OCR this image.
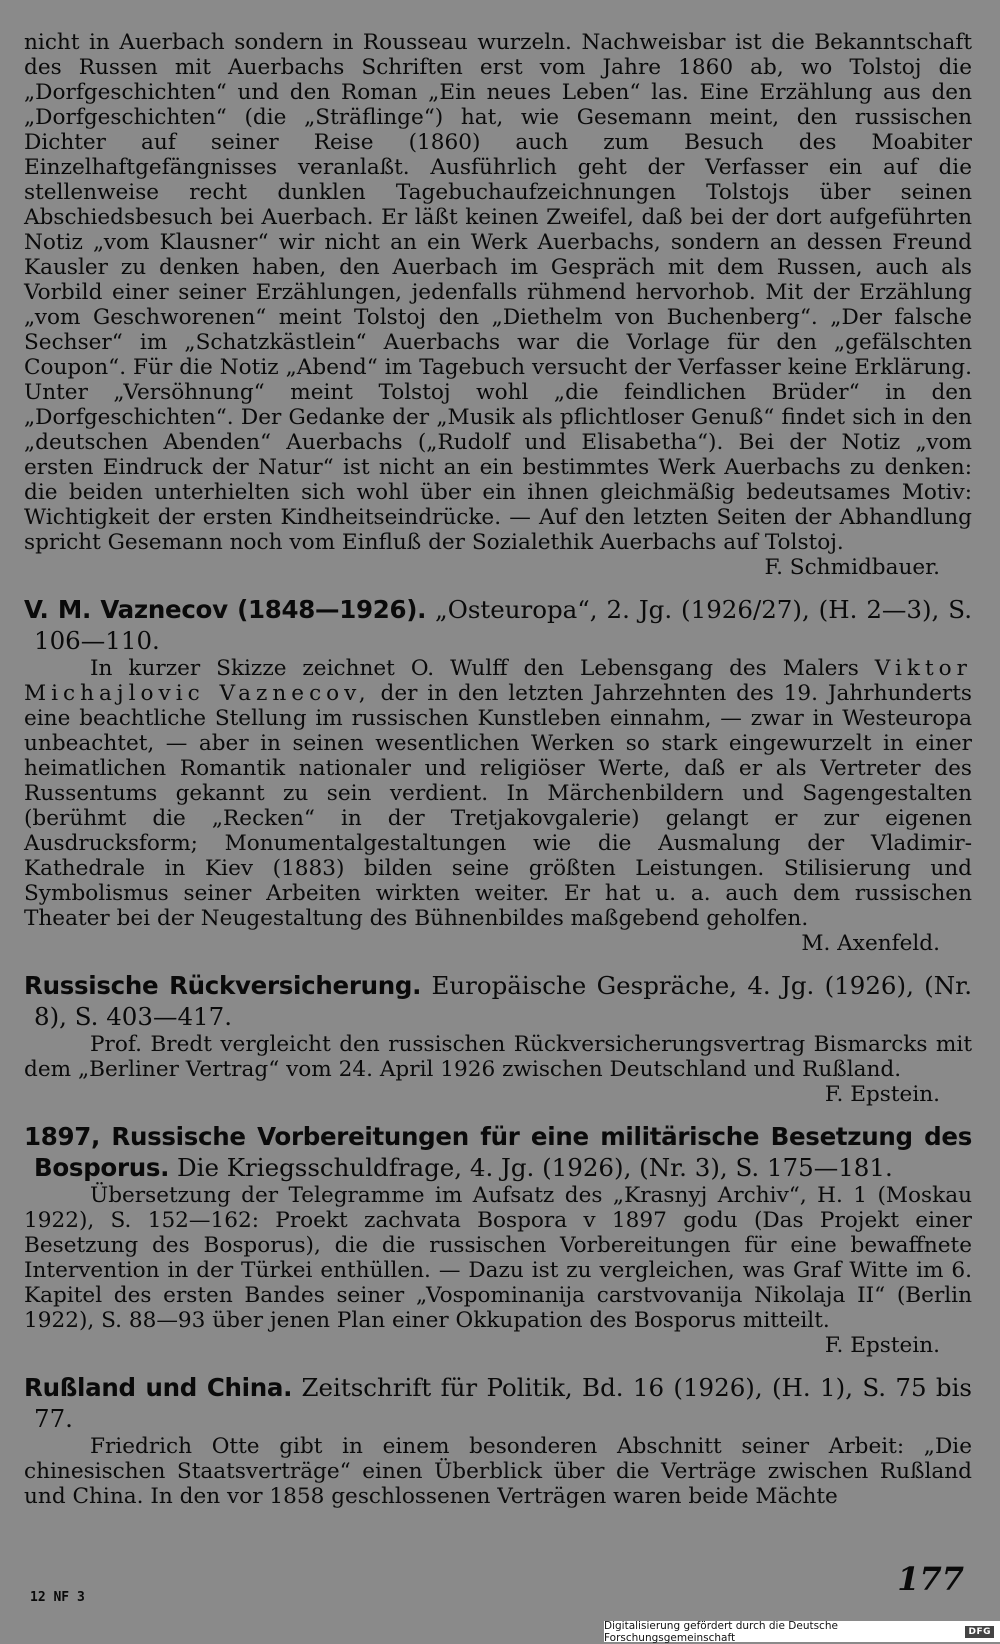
nicht in Auerbach sondern in Rousseau wurzeln. Nachweisbar ist die Bekanntschaft des Russen mit Auerbachs Schriften erst vom Jahre 1860 ab, wo Tolstoj die „Dorfgeschichten“ und den Roman „Ein neues Leben“ las. Eine Erzählung aus den „Dorfgeschichten“ (die „Sträflinge“) hat, wie Gesemann meint, den russischen Dichter auf seiner Reise (1860) auch zum Besuch des Moabiter Einzelhaftgefängnisses veranlaßt. Ausführlich geht der Verfasser ein auf die stellenweise recht dunklen Tagebuchaufzeichnungen Tolstojs über seinen Abschiedsbesuch bei Auerbach. Er läßt keinen Zweifel, daß bei der dort aufgeführten Notiz „vom Klausner“ wir nicht an ein Werk Auerbachs, sondern an dessen Freund Kausler zu denken haben, den Auerbach im Gespräch mit dem Russen, auch als Vorbild einer seiner Erzählungen, jedenfalls rühmend hervorhob. Mit der Erzählung „vom Geschworenen“ meint Tolstoj den „Diethelm von Buchenberg“. „Der falsche Sechser“ im „Schatzkästlein“ Auerbachs war die Vorlage für den „gefälschten Coupon“. Für die Notiz „Abend“ im Tagebuch versucht der Verfasser keine Erklärung. Unter „Versöhnung“ meint Tolstoj wohl „die feindlichen Brüder“ in den „Dorfgeschichten“. Der Gedanke der „Musik als pflichtloser Genuß“ findet sich in den „deutschen Abenden“ Auerbachs („Rudolf und Elisabetha“). Bei der Notiz „vom ersten Eindruck der Natur“ ist nicht an ein bestimmtes Werk Auerbachs zu denken: die beiden unterhielten sich wohl über ein ihnen gleichmäßig bedeutsames Motiv: Wichtigkeit der ersten Kindheitseindrücke. — Auf den letzten Seiten der Abhandlung spricht Gesemann noch vom Einfluß der Sozialethik Auerbachs auf Tolstoj.

F. Schmidbauer.

V. M. Vaznecov (1848—1926). „Osteuropa“, 2. Jg. (1926/27), (H. 2—3), S. 106—110.

In kurzer Skizze zeichnet O. Wulff den Lebensgang des Malers Viktor Michajlovic Vaznecov, der in den letzten Jahrzehnten des 19. Jahrhunderts eine beachtliche Stellung im russischen Kunstleben einnahm, — zwar in Westeuropa unbeachtet, — aber in seinen wesentlichen Werken so stark eingewurzelt in einer heimatlichen Romantik nationaler und religiöser Werte, daß er als Vertreter des Russentums gekannt zu sein verdient. In Märchenbildern und Sagengestalten (berühmt die „Recken“ in der Tretjakovgalerie) gelangt er zur eigenen Ausdrucksform; Monumentalgestaltungen wie die Ausmalung der Vladimir-Kathedrale in Kiev (1883) bilden seine größten Leistungen. Stilisierung und Symbolismus seiner Arbeiten wirkten weiter. Er hat u. a. auch dem russischen Theater bei der Neugestaltung des Bühnenbildes maßgebend geholfen.

M. Axenfeld.

Russische Rückversicherung. Europäische Gespräche, 4. Jg. (1926), (Nr. 8), S. 403—417.

Prof. Bredt vergleicht den russischen Rückversicherungsvertrag Bismarcks mit dem „Berliner Vertrag“ vom 24. April 1926 zwischen Deutschland und Rußland.

F. Epstein.

1897, Russische Vorbereitungen für eine militärische Besetzung des Bosporus. Die Kriegsschuldfrage, 4. Jg. (1926), (Nr. 3), S. 175—181.

Übersetzung der Telegramme im Aufsatz des „Krasnyj Archiv“, H. 1 (Moskau 1922), S. 152—162: Proekt zachvata Bospora v 1897 godu (Das Projekt einer Besetzung des Bosporus), die die russischen Vorbereitungen für eine bewaffnete Intervention in der Türkei enthüllen. — Dazu ist zu vergleichen, was Graf Witte im 6. Kapitel des ersten Bandes seiner „Vospominanija carstvovanija Nikolaja II“ (Berlin 1922), S. 88—93 über jenen Plan einer Okkupation des Bosporus mitteilt.

F. Epstein.

Rußland und China. Zeitschrift für Politik, Bd. 16 (1926), (H. 1), S. 75 bis 77.

Friedrich Otte gibt in einem besonderen Abschnitt seiner Arbeit: „Die chinesischen Staatsverträge“ einen Überblick über die Verträge zwischen Rußland und China. In den vor 1858 geschlossenen Verträgen waren beide Mächte

12 NF 3	177
Digitalisierung gefördert durch die Deutsche Forschungsgemeinschaft	DFG
